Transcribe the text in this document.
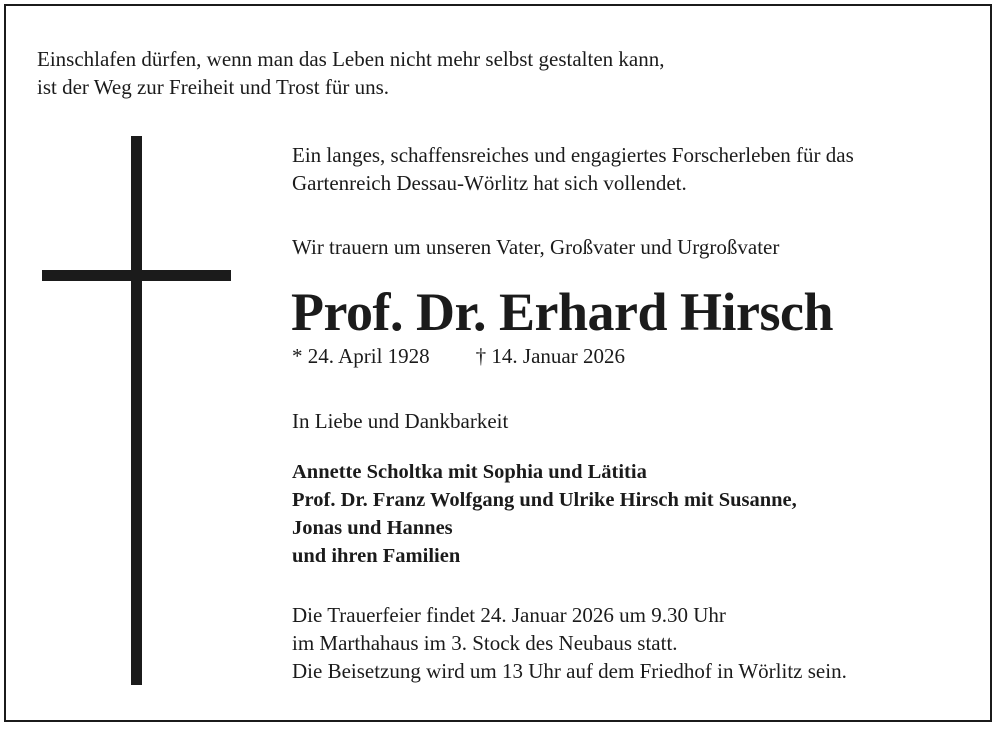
Einschlafen dürfen, wenn man das Leben nicht mehr selbst gestalten kann,
ist der Weg zur Freiheit und Trost für uns.

Ein langes, schaffensreiches und engagiertes Forscherleben für das
Gartenreich Dessau-Wörlitz hat sich vollendet.

Wir trauern um unseren Vater, Großvater und Urgroßvater

Prof. Dr. Erhard Hirsch

* 24. April 1928 † 14. Januar 2026

In Liebe und Dankbarkeit

Annette Scholtka mit Sophia und Lätitia
Prof. Dr. Franz Wolfgang und Ulrike Hirsch mit Susanne,
Jonas und Hannes
und ihren Familien

Die Trauerfeier findet 24. Januar 2026 um 9.30 Uhr
im Marthahaus im 3. Stock des Neubaus statt.
Die Beisetzung wird um 13 Uhr auf dem Friedhof in Wörlitz sein.
